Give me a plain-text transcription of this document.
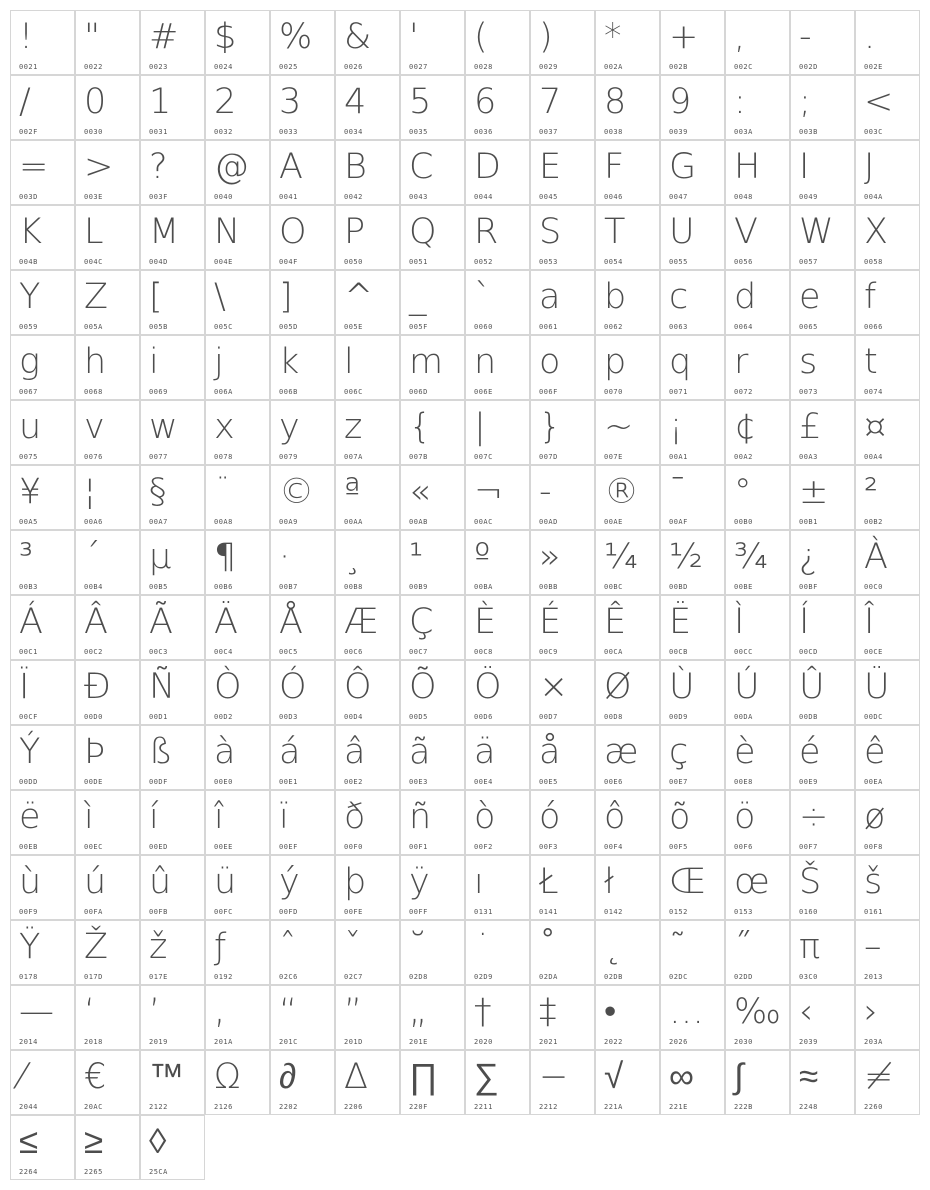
!
0021
"
0022
#
0023
$
0024
%
0025
&
0026
'
0027
(
0028
)
0029
*
002A
+
002B
,
002C
-
002D
.
002E
/
002F
0
0030
1
0031
2
0032
3
0033
4
0034
5
0035
6
0036
7
0037
8
0038
9
0039
:
003A
;
003B
<
003C
=
003D
>
003E
?
003F
@
0040
A
0041
B
0042
C
0043
D
0044
E
0045
F
0046
G
0047
H
0048
I
0049
J
004A
K
004B
L
004C
M
004D
N
004E
O
004F
P
0050
Q
0051
R
0052
S
0053
T
0054
U
0055
V
0056
W
0057
X
0058
Y
0059
Z
005A
[
005B
\
005C
]
005D
^
005E
_
005F
`
0060
a
0061
b
0062
c
0063
d
0064
e
0065
f
0066
g
0067
h
0068
i
0069
j
006A
k
006B
l
006C
m
006D
n
006E
o
006F
p
0070
q
0071
r
0072
s
0073
t
0074
u
0075
v
0076
w
0077
x
0078
y
0079
z
007A
{
007B
|
007C
}
007D
~
007E
¡
00A1
¢
00A2
£
00A3
¤
00A4
¥
00A5
¦
00A6
§
00A7
¨
00A8
©
00A9
ª
00AA
«
00AB
¬
00AC
-
00AD
®
00AE
¯
00AF
°
00B0
±
00B1
²
00B2
³
00B3
´
00B4
µ
00B5
¶
00B6
·
00B7
¸
00B8
¹
00B9
º
00BA
»
00BB
¼
00BC
½
00BD
¾
00BE
¿
00BF
À
00C0
Á
00C1
Â
00C2
Ã
00C3
Ä
00C4
Å
00C5
Æ
00C6
Ç
00C7
È
00C8
É
00C9
Ê
00CA
Ë
00CB
Ì
00CC
Í
00CD
Î
00CE
Ï
00CF
Ð
00D0
Ñ
00D1
Ò
00D2
Ó
00D3
Ô
00D4
Õ
00D5
Ö
00D6
×
00D7
Ø
00D8
Ù
00D9
Ú
00DA
Û
00DB
Ü
00DC
Ý
00DD
Þ
00DE
ß
00DF
à
00E0
á
00E1
â
00E2
ã
00E3
ä
00E4
å
00E5
æ
00E6
ç
00E7
è
00E8
é
00E9
ê
00EA
ë
00EB
ì
00EC
í
00ED
î
00EE
ï
00EF
ð
00F0
ñ
00F1
ò
00F2
ó
00F3
ô
00F4
õ
00F5
ö
00F6
÷
00F7
ø
00F8
ù
00F9
ú
00FA
û
00FB
ü
00FC
ý
00FD
þ
00FE
ÿ
00FF
ı
0131
Ł
0141
ł
0142
Œ
0152
œ
0153
Š
0160
š
0161
Ÿ
0178
Ž
017D
ž
017E
ƒ
0192
ˆ
02C6
ˇ
02C7
˘
02D8
˙
02D9
˚
02DA
˛
02DB
˜
02DC
˝
02DD
π
03C0
–
2013
—
2014
‘
2018
’
2019
‚
201A
“
201C
”
201D
„
201E
†
2020
‡
2021
•
2022
…
2026
‰
2030
‹
2039
›
203A
⁄
2044
€
20AC
™
2122
Ω
2126
∂
2202
∆
2206
∏
220F
∑
2211
−
2212
√
221A
∞
221E
∫
222B
≈
2248
≠
2260
≤
2264
≥
2265
◊
25CA
